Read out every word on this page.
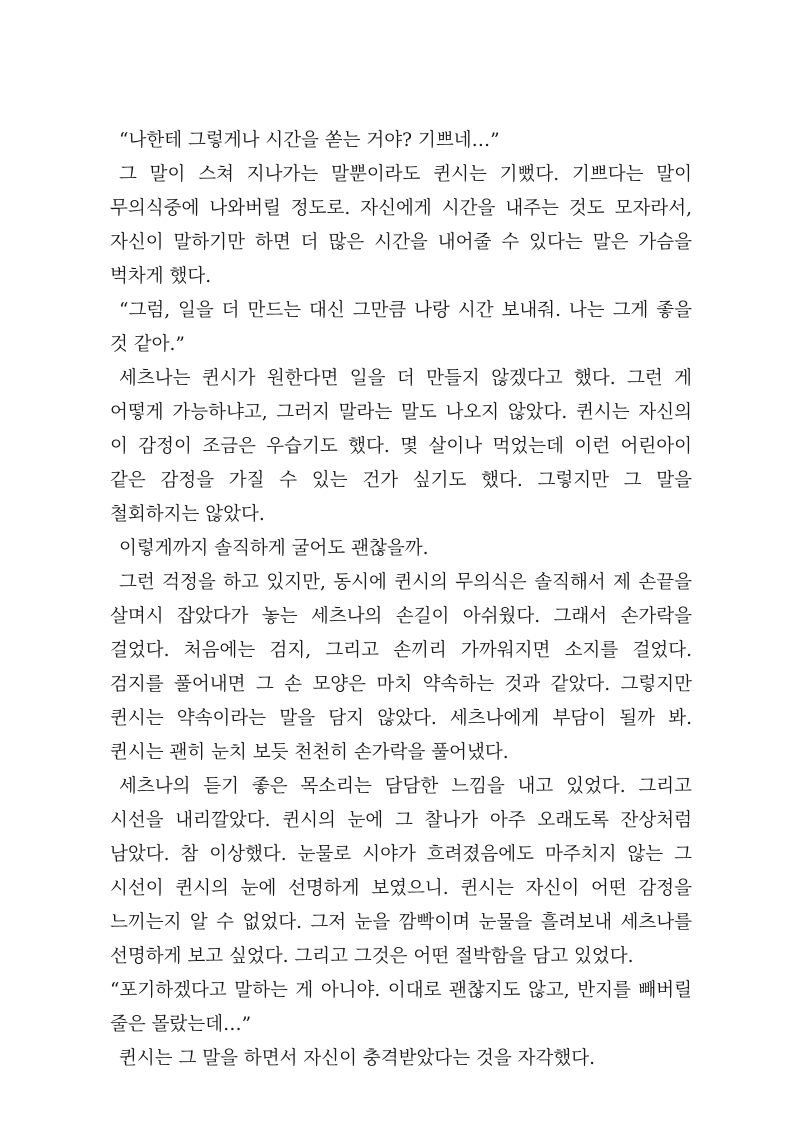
“나한테 그렇게나 시간을 쏟는 거야? 기쁘네…”

그 말이 스쳐 지나가는 말뿐이라도 퀸시는 기뻤다. 기쁘다는 말이 무의식중에 나와버릴 정도로. 자신에게 시간을 내주는 것도 모자라서, 자신이 말하기만 하면 더 많은 시간을 내어줄 수 있다는 말은 가슴을 벅차게 했다.

“그럼, 일을 더 만드는 대신 그만큼 나랑 시간 보내줘. 나는 그게 좋을 것 같아.”

세츠나는 퀸시가 원한다면 일을 더 만들지 않겠다고 했다. 그런 게 어떻게 가능하냐고, 그러지 말라는 말도 나오지 않았다. 퀸시는 자신의 이 감정이 조금은 우습기도 했다. 몇 살이나 먹었는데 이런 어린아이 같은 감정을 가질 수 있는 건가 싶기도 했다. 그렇지만 그 말을 철회하지는 않았다.

이렇게까지 솔직하게 굴어도 괜찮을까.

그런 걱정을 하고 있지만, 동시에 퀸시의 무의식은 솔직해서 제 손끝을 살며시 잡았다가 놓는 세츠나의 손길이 아쉬웠다. 그래서 손가락을 걸었다. 처음에는 검지, 그리고 손끼리 가까워지면 소지를 걸었다. 검지를 풀어내면 그 손 모양은 마치 약속하는 것과 같았다. 그렇지만 퀸시는 약속이라는 말을 담지 않았다. 세츠나에게 부담이 될까 봐. 퀸시는 괜히 눈치 보듯 천천히 손가락을 풀어냈다.

세츠나의 듣기 좋은 목소리는 담담한 느낌을 내고 있었다. 그리고 시선을 내리깔았다. 퀸시의 눈에 그 찰나가 아주 오래도록 잔상처럼 남았다. 참 이상했다. 눈물로 시야가 흐려졌음에도 마주치지 않는 그 시선이 퀸시의 눈에 선명하게 보였으니. 퀸시는 자신이 어떤 감정을 느끼는지 알 수 없었다. 그저 눈을 깜빡이며 눈물을 흘려보내 세츠나를 선명하게 보고 싶었다. 그리고 그것은 어떤 절박함을 담고 있었다.

“포기하겠다고 말하는 게 아니야. 이대로 괜찮지도 않고, 반지를 빼버릴 줄은 몰랐는데…”

퀸시는 그 말을 하면서 자신이 충격받았다는 것을 자각했다.
